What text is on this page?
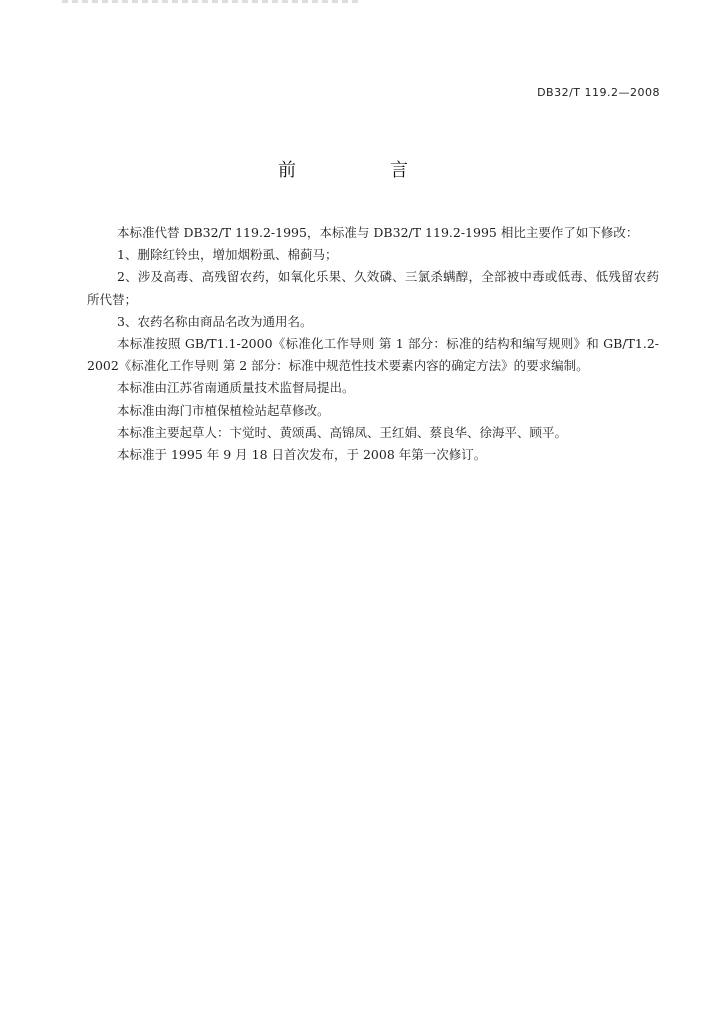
DB32/T 119.2—2008
前　言

本标准代替 DB32/T 119.2-1995，本标准与 DB32/T 119.2-1995 相比主要作了如下修改：

1、删除红铃虫，增加烟粉虱、棉蓟马；

2、涉及高毒、高残留农药，如氧化乐果、久效磷、三氯杀螨醇，全部被中毒或低毒、低残留农药所代替；

3、农药名称由商品名改为通用名。

本标准按照 GB/T1.1-2000《标准化工作导则 第 1 部分：标准的结构和编写规则》和 GB/T1.2-2002《标准化工作导则 第 2 部分：标准中规范性技术要素内容的确定方法》的要求编制。

本标准由江苏省南通质量技术监督局提出。

本标准由海门市植保植检站起草修改。

本标准主要起草人：卞觉时、黄颂禹、高锦凤、王红娟、蔡良华、徐海平、顾平。

本标准于 1995 年 9 月 18 日首次发布，于 2008 年第一次修订。
